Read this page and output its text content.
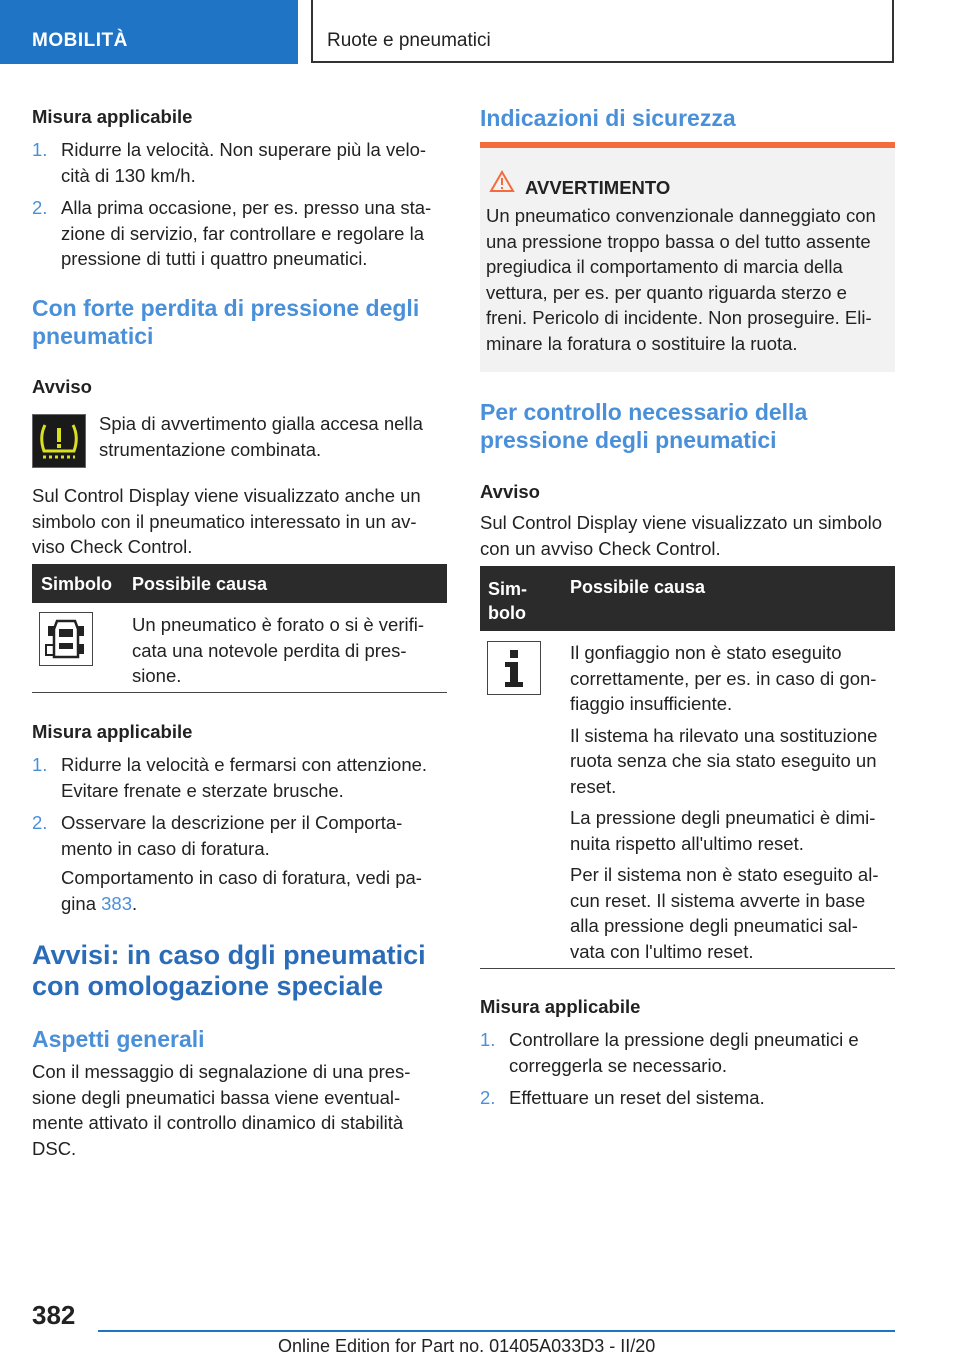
MOBILITÀ	Ruote e pneumatici
Misura applicabile
1. Ridurre la velocità. Non superare più la velo-
cità di 130 km/h.
2. Alla prima occasione, per es. presso una sta-
zione di servizio, far controllare e regolare la
pressione di tutti i quattro pneumatici.
Con forte perdita di pressione degli
pneumatici
Avviso
Spia di avvertimento gialla accesa nella
strumentazione combinata.
Sul Control Display viene visualizzato anche un
simbolo con il pneumatico interessato in un av-
viso Check Control.
Simbolo Possibile causa
Un pneumatico è forato o si è verifi-
cata una notevole perdita di pres-
sione.
Misura applicabile
1. Ridurre la velocità e fermarsi con attenzione.
Evitare frenate e sterzate brusche.
2. Osservare la descrizione per il Comporta-
mento in caso di foratura.
Comportamento in caso di foratura, vedi pa-
gina 383.
Avvisi: in caso dgli pneumatici
con omologazione speciale
Aspetti generali
Con il messaggio di segnalazione di una pres-
sione degli pneumatici bassa viene eventual-
mente attivato il controllo dinamico di stabilità
DSC.
Indicazioni di sicurezza
AVVERTIMENTO
Un pneumatico convenzionale danneggiato con
una pressione troppo bassa o del tutto assente
pregiudica il comportamento di marcia della
vettura, per es. per quanto riguarda sterzo e
freni. Pericolo di incidente. Non proseguire. Eli-
minare la foratura o sostituire la ruota.
Per controllo necessario della
pressione degli pneumatici
Avviso
Sul Control Display viene visualizzato un simbolo
con un avviso Check Control.
Sim-
bolo
Possibile causa
Il gonfiaggio non è stato eseguito
correttamente, per es. in caso di gon-
fiaggio insufficiente.
Il sistema ha rilevato una sostituzione
ruota senza che sia stato eseguito un
reset.
La pressione degli pneumatici è dimi-
nuita rispetto all'ultimo reset.
Per il sistema non è stato eseguito al-
cun reset. Il sistema avverte in base
alla pressione degli pneumatici sal-
vata con l'ultimo reset.
Misura applicabile
1. Controllare la pressione degli pneumatici e
correggerla se necessario.
2. Effettuare un reset del sistema.
382
Online Edition for Part no. 01405A033D3 - II/20
